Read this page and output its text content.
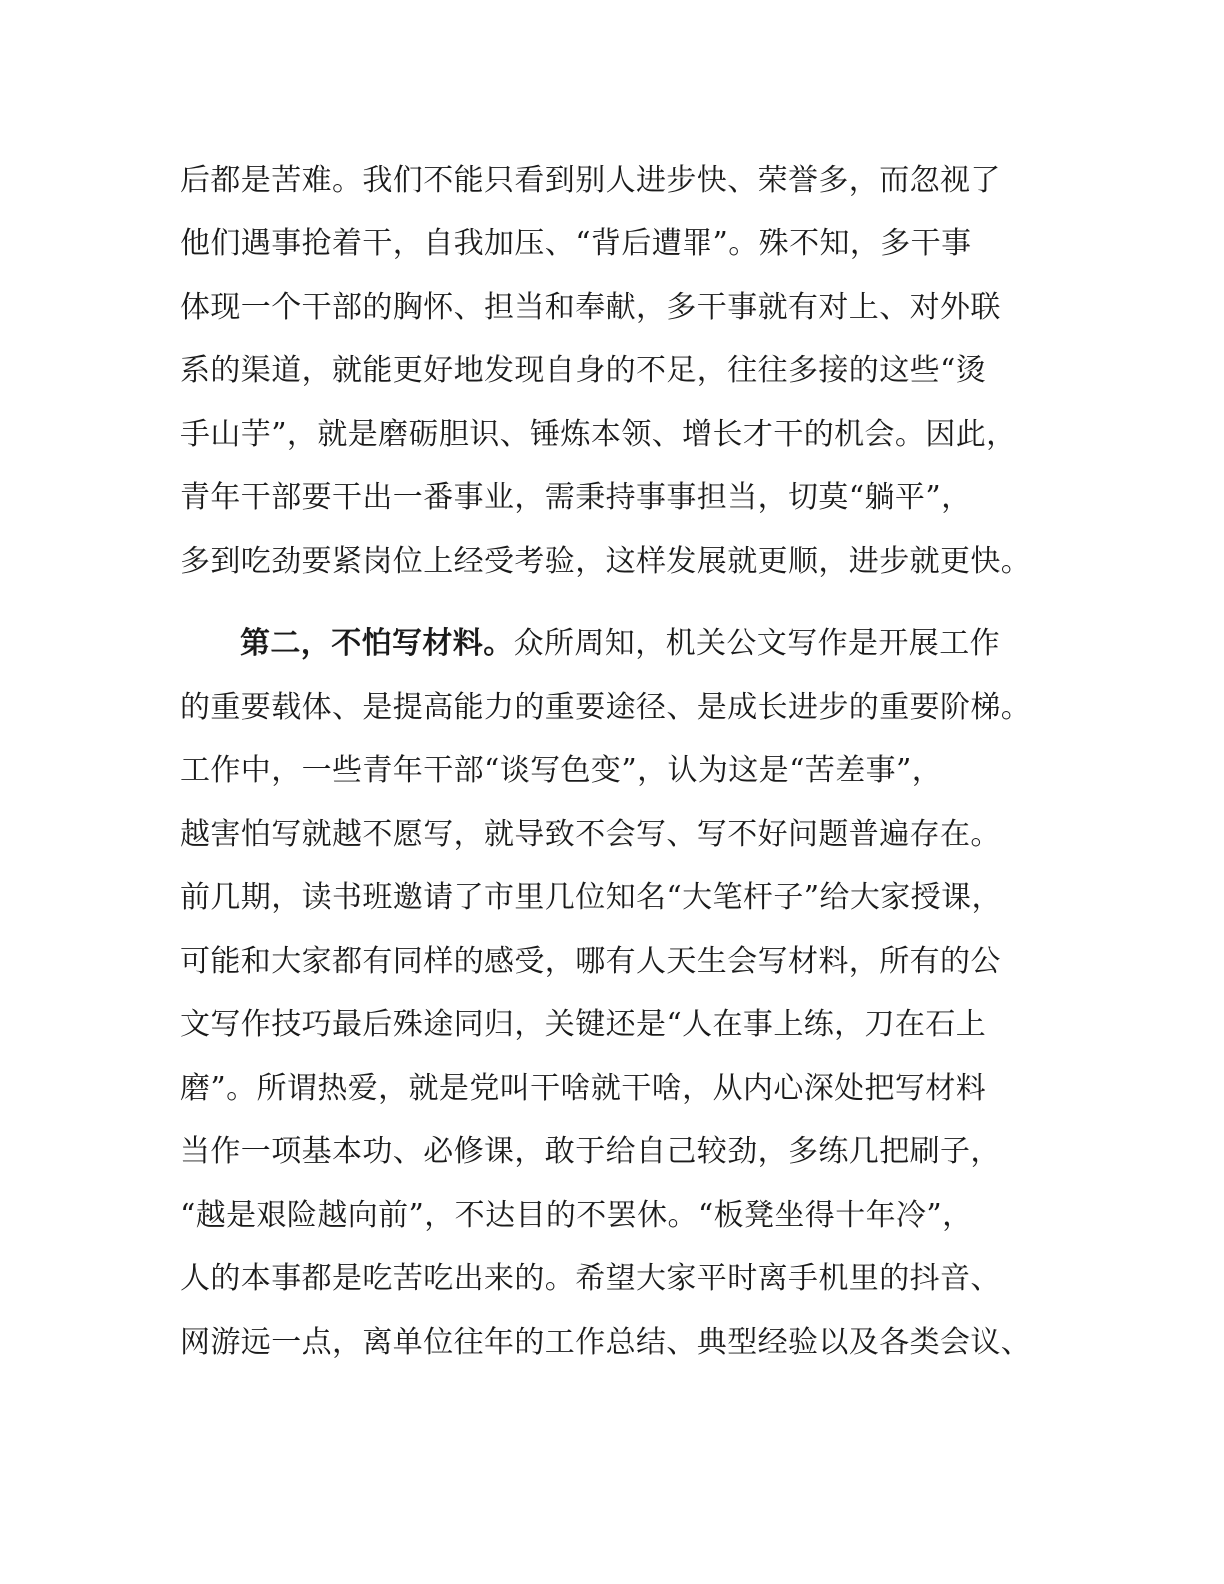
后都是苦难。我们不能只看到别人进步快、荣誉多，而忽视了
他们遇事抢着干，自我加压、“背后遭罪”。殊不知，多干事
体现一个干部的胸怀、担当和奉献，多干事就有对上、对外联
系的渠道，就能更好地发现自身的不足，往往多接的这些“烫
手山芋”，就是磨砺胆识、锤炼本领、增长才干的机会。因此，
青年干部要干出一番事业，需秉持事事担当，切莫“躺平”，
多到吃劲要紧岗位上经受考验，这样发展就更顺，进步就更快。
第二，不怕写材料。众所周知，机关公文写作是开展工作
的重要载体、是提高能力的重要途径、是成长进步的重要阶梯。
工作中，一些青年干部“谈写色变”，认为这是“苦差事”，
越害怕写就越不愿写，就导致不会写、写不好问题普遍存在。
前几期，读书班邀请了市里几位知名“大笔杆子”给大家授课，
可能和大家都有同样的感受，哪有人天生会写材料，所有的公
文写作技巧最后殊途同归，关键还是“人在事上练，刀在石上
磨”。所谓热爱，就是党叫干啥就干啥，从内心深处把写材料
当作一项基本功、必修课，敢于给自己较劲，多练几把刷子，
“越是艰险越向前”，不达目的不罢休。“板凳坐得十年冷”，
人的本事都是吃苦吃出来的。希望大家平时离手机里的抖音、
网游远一点，离单位往年的工作总结、典型经验以及各类会议、
